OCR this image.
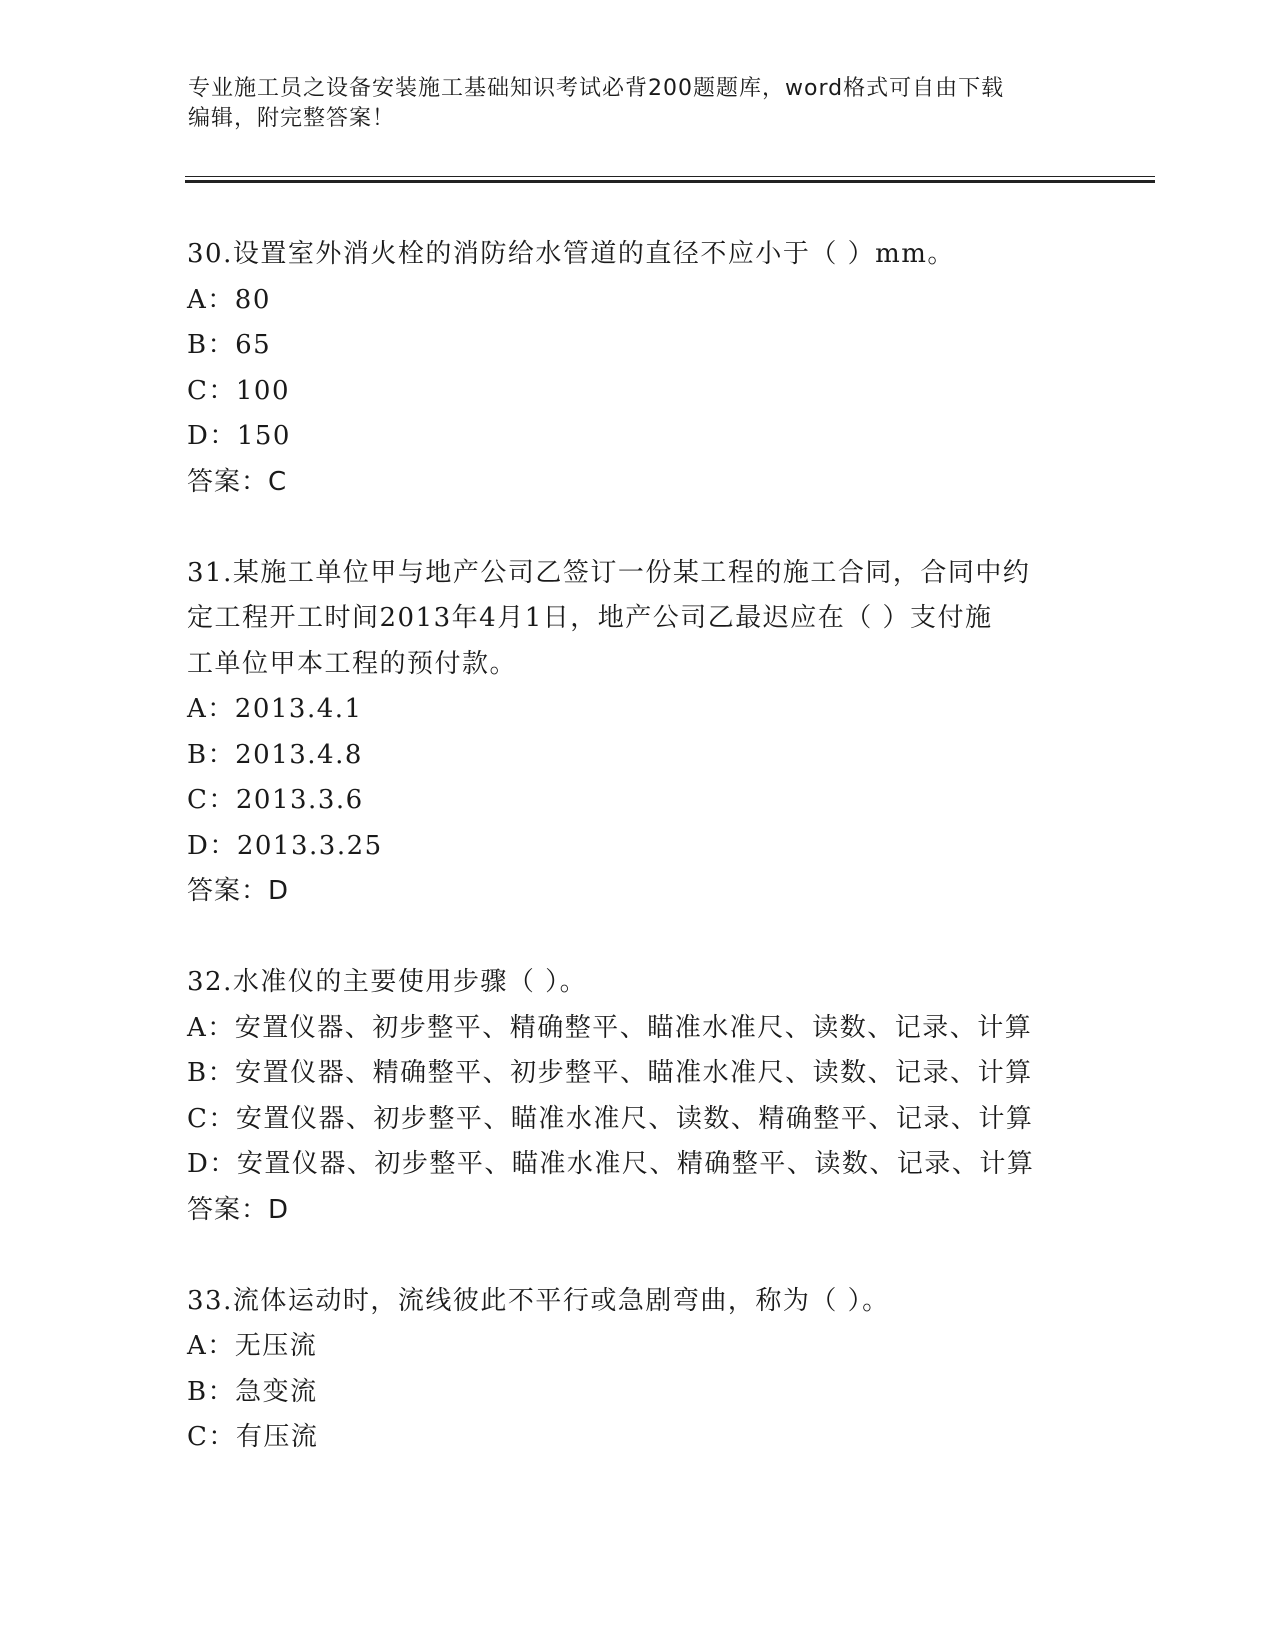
专业施工员之设备安装施工基础知识考试必背200题题库，word格式可自由下载
编辑，附完整答案！
30.设置室外消火栓的消防给水管道的直径不应小于（ ）mm。
A：80
B：65
C：100
D：150
答案：C
31.某施工单位甲与地产公司乙签订一份某工程的施工合同，合同中约
定工程开工时间2013年4月1日，地产公司乙最迟应在（ ）支付施
工单位甲本工程的预付款。
A：2013.4.1
B：2013.4.8
C：2013.3.6
D：2013.3.25
答案：D
32.水准仪的主要使用步骤（ ）。
A：安置仪器、初步整平、精确整平、瞄准水准尺、读数、记录、计算
B：安置仪器、精确整平、初步整平、瞄准水准尺、读数、记录、计算
C：安置仪器、初步整平、瞄准水准尺、读数、精确整平、记录、计算
D：安置仪器、初步整平、瞄准水准尺、精确整平、读数、记录、计算
答案：D
33.流体运动时，流线彼此不平行或急剧弯曲，称为（ ）。
A：无压流
B：急变流
C：有压流
